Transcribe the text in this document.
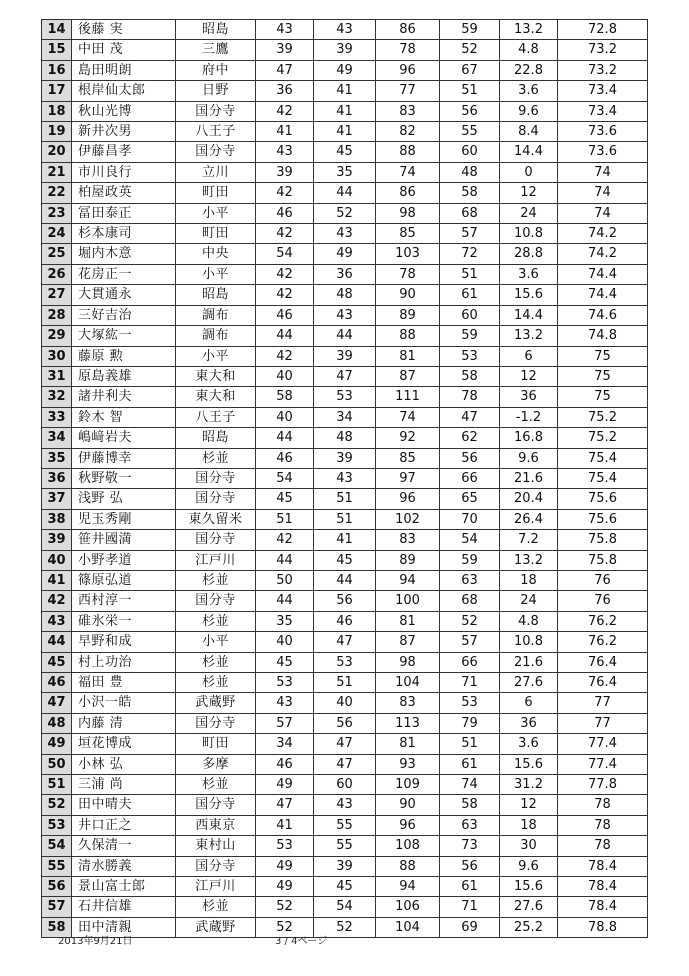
14	後藤 実	昭島	43	43	86	59	13.2	72.8
15	中田 茂	三鷹	39	39	78	52	4.8	73.2
16	島田明朗	府中	47	49	96	67	22.8	73.2
17	根岸仙太郎	日野	36	41	77	51	3.6	73.4
18	秋山光博	国分寺	42	41	83	56	9.6	73.4
19	新井次男	八王子	41	41	82	55	8.4	73.6
20	伊藤昌孝	国分寺	43	45	88	60	14.4	73.6
21	市川良行	立川	39	35	74	48	0	74
22	柏屋政英	町田	42	44	86	58	12	74
23	冨田泰正	小平	46	52	98	68	24	74
24	杉本康司	町田	42	43	85	57	10.8	74.2
25	堀内木意	中央	54	49	103	72	28.8	74.2
26	花房正一	小平	42	36	78	51	3.6	74.4
27	大貫通永	昭島	42	48	90	61	15.6	74.4
28	三好吉治	調布	46	43	89	60	14.4	74.6
29	大塚紘一	調布	44	44	88	59	13.2	74.8
30	藤原 勲	小平	42	39	81	53	6	75
31	原島義雄	東大和	40	47	87	58	12	75
32	諸井利夫	東大和	58	53	111	78	36	75
33	鈴木 智	八王子	40	34	74	47	-1.2	75.2
34	嶋﨑岩夫	昭島	44	48	92	62	16.8	75.2
35	伊藤博幸	杉並	46	39	85	56	9.6	75.4
36	秋野敬一	国分寺	54	43	97	66	21.6	75.4
37	浅野 弘	国分寺	45	51	96	65	20.4	75.6
38	児玉秀剛	東久留米	51	51	102	70	26.4	75.6
39	笹井國満	国分寺	42	41	83	54	7.2	75.8
40	小野孝道	江戸川	44	45	89	59	13.2	75.8
41	篠原弘道	杉並	50	44	94	63	18	76
42	西村淳一	国分寺	44	56	100	68	24	76
43	碓氷栄一	杉並	35	46	81	52	4.8	76.2
44	早野和成	小平	40	47	87	57	10.8	76.2
45	村上功治	杉並	45	53	98	66	21.6	76.4
46	福田 豊	杉並	53	51	104	71	27.6	76.4
47	小沢一皓	武蔵野	43	40	83	53	6	77
48	内藤 清	国分寺	57	56	113	79	36	77
49	垣花博成	町田	34	47	81	51	3.6	77.4
50	小林 弘	多摩	46	47	93	61	15.6	77.4
51	三浦 尚	杉並	49	60	109	74	31.2	77.8
52	田中晴夫	国分寺	47	43	90	58	12	78
53	井口正之	西東京	41	55	96	63	18	78
54	久保清一	東村山	53	55	108	73	30	78
55	清水勝義	国分寺	49	39	88	56	9.6	78.4
56	景山富士郎	江戸川	49	45	94	61	15.6	78.4
57	石井信雄	杉並	52	54	106	71	27.6	78.4
58	田中清親	武蔵野	52	52	104	69	25.2	78.8
2013年9月21日	3 / 4ページ
